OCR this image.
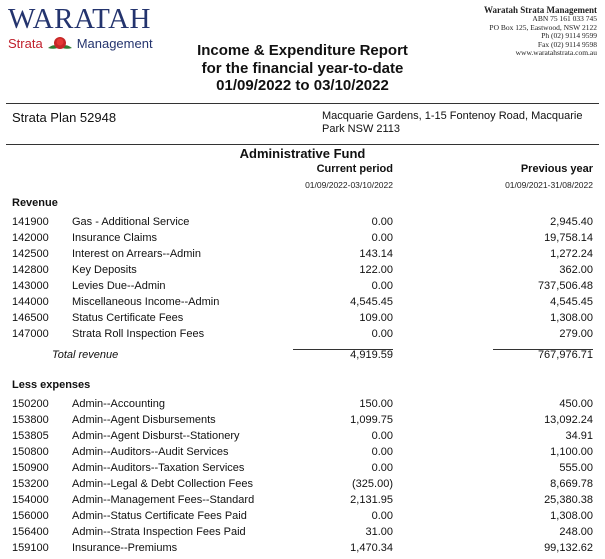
WARATAH
Strata	Management
Waratah Strata Management
ABN 75 161 033 745
PO Box 125, Eastwood, NSW 2122
Ph (02) 9114 9599
Fax (02) 9114 9598
www.waratahstrata.com.au
Income & Expenditure Report
for the financial year-to-date
01/09/2022 to 03/10/2022
Strata Plan 52948	Macquarie Gardens, 1-15 Fontenoy Road, Macquarie Park NSW 2113
Administrative Fund
Current period
01/09/2022-03/10/2022
Previous year
01/09/2021-31/08/2022
Revenue
141900 Gas - Additional Service	0.00	2,945.40
142000 Insurance Claims	0.00	19,758.14
142500 Interest on Arrears--Admin	143.14	1,272.24
142800 Key Deposits	122.00	362.00
143000 Levies Due--Admin	0.00	737,506.48
144000 Miscellaneous Income--Admin	4,545.45	4,545.45
146500 Status Certificate Fees	109.00	1,308.00
147000 Strata Roll Inspection Fees	0.00	279.00
Total revenue	4,919.59	767,976.71
Less expenses
150200 Admin--Accounting	150.00	450.00
153800 Admin--Agent Disbursements	1,099.75	13,092.24
153805 Admin--Agent Disburst--Stationery	0.00	34.91
150800 Admin--Auditors--Audit Services	0.00	1,100.00
150900 Admin--Auditors--Taxation Services	0.00	555.00
153200 Admin--Legal & Debt Collection Fees	(325.00)	8,669.78
154000 Admin--Management Fees--Standard	2,131.95	25,380.38
156000 Admin--Status Certificate Fees Paid	0.00	1,308.00
156400 Admin--Strata Inspection Fees Paid	31.00	248.00
159100 Insurance--Premiums	1,470.34	99,132.62
